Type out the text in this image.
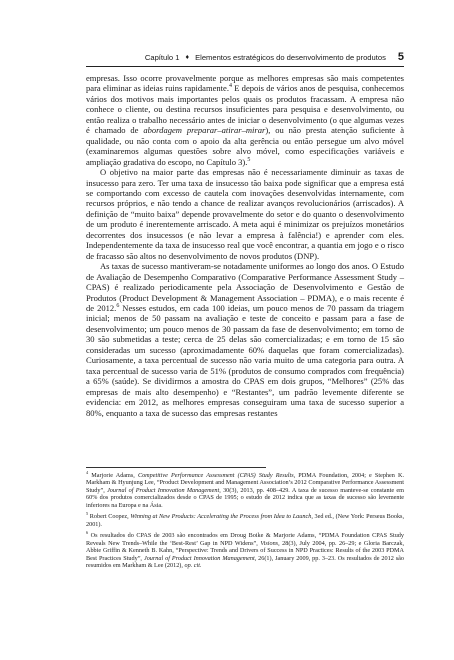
Capítulo 1 ♦ Elementos estratégicos do desenvolvimento de produtos 5

empresas. Isso ocorre provavelmente porque as melhores empresas são mais competentes para eliminar as ideias ruins rapidamente.$^4$ E depois de vários anos de pesquisa, conhecemos vários dos motivos mais importantes pelos quais os produtos fracassam. A empresa não conhece o cliente, ou destina recursos insuficientes para pesquisa e desenvolvimento, ou então realiza o trabalho necessário antes de iniciar o desenvolvimento (o que algumas vezes é chamado de abordagem preparar–atirar–mirar), ou não presta atenção suficiente à qualidade, ou não conta com o apoio da alta gerência ou então persegue um alvo móvel (examinaremos algumas questões sobre alvo móvel, como especificações variáveis e ampliação gradativa do escopo, no Capítulo 3).$^5$

O objetivo na maior parte das empresas não é necessariamente diminuir as taxas de insucesso para zero. Ter uma taxa de insucesso tão baixa pode significar que a empresa está se comportando com excesso de cautela com inovações desenvolvidas internamente, com recursos próprios, e não tendo a chance de realizar avanços revolucionários (arriscados). A definição de “muito baixa” depende provavelmente do setor e do quanto o desenvolvimento de um produto é inerentemente arriscado. A meta aqui é minimizar os prejuízos monetários decorrentes dos insucessos (e não levar a empresa à falência!) e aprender com eles. Independentemente da taxa de insucesso real que você encontrar, a quantia em jogo e o risco de fracasso são altos no desenvolvimento de novos produtos (DNP).

As taxas de sucesso mantiveram-se notadamente uniformes ao longo dos anos. O Estudo de Avaliação de Desempenho Comparativo (Comparative Performance Assessment Study – CPAS) é realizado periodicamente pela Associação de Desenvolvimento e Gestão de Produtos (Product Development & Management Association – PDMA), e o mais recente é de 2012.$^6$ Nesses estudos, em cada 100 ideias, um pouco menos de 70 passam da triagem inicial; menos de 50 passam na avaliação e teste de conceito e passam para a fase de desenvolvimento; um pouco menos de 30 passam da fase de desenvolvimento; em torno de 30 são submetidas a teste; cerca de 25 delas são comercializadas; e em torno de 15 são consideradas um sucesso (aproximadamente 60% daquelas que foram comercializadas). Curiosamente, a taxa percentual de sucesso não varia muito de uma categoria para outra. A taxa percentual de sucesso varia de 51% (produtos de consumo comprados com frequência) a 65% (saúde). Se dividirmos a amostra do CPAS em dois grupos, “Melhores” (25% das empresas de mais alto desempenho) e “Restantes”, um padrão levemente diferente se evidencia: em 2012, as melhores empresas conseguiram uma taxa de sucesso superior a 80%, enquanto a taxa de sucesso das empresas restantes

$^4$ Marjorie Adams, Competitive Performance Assessment (CPAS) Study Results, PDMA Foundation, 2004; e Stephen K. Markham & Hyunjung Lee, “Product Development and Management Association’s 2012 Comparative Performance Assessment Study”, Journal of Product Innovation Management, 30(3), 2013, pp. 408–429. A taxa de sucesso manteve-se constante em 60% dos produtos comercializados desde o CPAS de 1995; o estudo de 2012 indica que as taxas de sucesso são levemente inferiores na Europa e na Ásia.

$^5$ Robert Coopez, Winning at New Products: Accelerating the Process from Idea to Launch, 3ed ed., (New York: Perseus Books, 2001).

$^6$ Os resultados do CPAS de 2003 são encontrados em Droug Boike & Marjorie Adams, “PDMA Foundation CPAS Study Reveals New Trends–While the ‘Best-Rest’ Gap in NPD Widens”, Visions, 28(3), July 2004, pp. 26–29; e Gloria Barczak, Abbie Griffin & Kenneth B. Kahn, “Perspective: Trends and Drivers of Success in NPD Practices: Results of the 2003 PDMA Best Practices Study”, Journal of Product Innovation Management, 26(1), January 2009, pp. 3–23. Os resultados de 2012 são resumidos em Markham & Lee (2012), op. cit.
